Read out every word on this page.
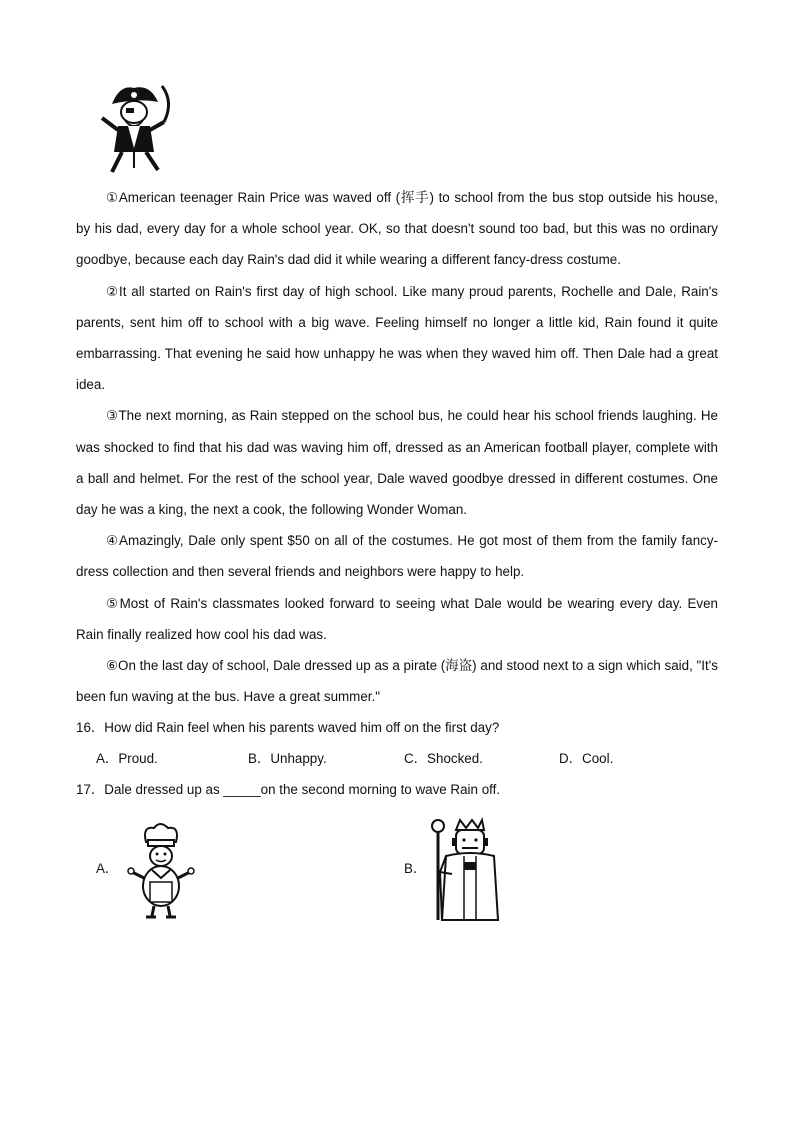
①American teenager Rain Price was waved off (挥手) to school from the bus stop outside his house, by his dad, every day for a whole school year. OK, so that doesn't sound too bad, but this was no ordinary goodbye, because each day Rain's dad did it while wearing a different fancy-dress costume.

②It all started on Rain's first day of high school. Like many proud parents, Rochelle and Dale, Rain's parents, sent him off to school with a big wave. Feeling himself no longer a little kid, Rain found it quite embarrassing. That evening he said how unhappy he was when they waved him off. Then Dale had a great idea.

③The next morning, as Rain stepped on the school bus, he could hear his school friends laughing. He was shocked to find that his dad was waving him off, dressed as an American football player, complete with a ball and helmet. For the rest of the school year, Dale waved goodbye dressed in different costumes. One day he was a king, the next a cook, the following Wonder Woman.

④Amazingly, Dale only spent $50 on all of the costumes. He got most of them from the family fancy-dress collection and then several friends and neighbors were happy to help.

⑤Most of Rain's classmates looked forward to seeing what Dale would be wearing every day. Even Rain finally realized how cool his dad was.

⑥On the last day of school, Dale dressed up as a pirate (海盗) and stood next to a sign which said, "It's been fun waving at the bus. Have a great summer."

16．How did Rain feel when his parents waved him off on the first day?
A．Proud.	B．Unhappy.	C．Shocked.	D．Cool.
17．Dale dressed up as _____on the second morning to wave Rain off.
A．	B．
